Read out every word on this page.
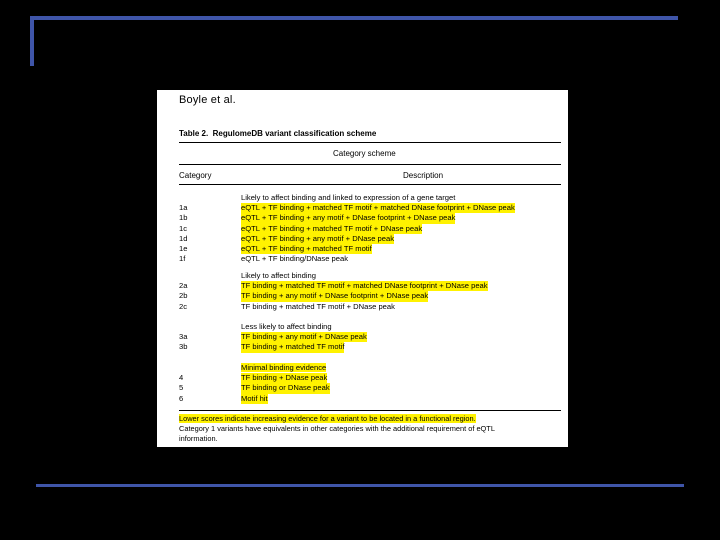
Boyle et al.
Table 2. RegulomeDB variant classification scheme
Category scheme
Category	Description
Likely to affect binding and linked to expression of a gene target
1a	eQTL + TF binding + matched TF motif + matched DNase footprint + DNase peak
1b	eQTL + TF binding + any motif + DNase footprint + DNase peak
1c	eQTL + TF binding + matched TF motif + DNase peak
1d	eQTL + TF binding + any motif + DNase peak
1e	eQTL + TF binding + matched TF motif
1f	eQTL + TF binding/DNase peak
Likely to affect binding
2a	TF binding + matched TF motif + matched DNase footprint + DNase peak
2b	TF binding + any motif + DNase footprint + DNase peak
2c	TF binding + matched TF motif + DNase peak
Less likely to affect binding
3a	TF binding + any motif + DNase peak
3b	TF binding + matched TF motif
Minimal binding evidence
4	TF binding + DNase peak
5	TF binding or DNase peak
6	Motif hit
Lower scores indicate increasing evidence for a variant to be located in a functional region.
Category 1 variants have equivalents in other categories with the additional requirement of eQTL
information.
